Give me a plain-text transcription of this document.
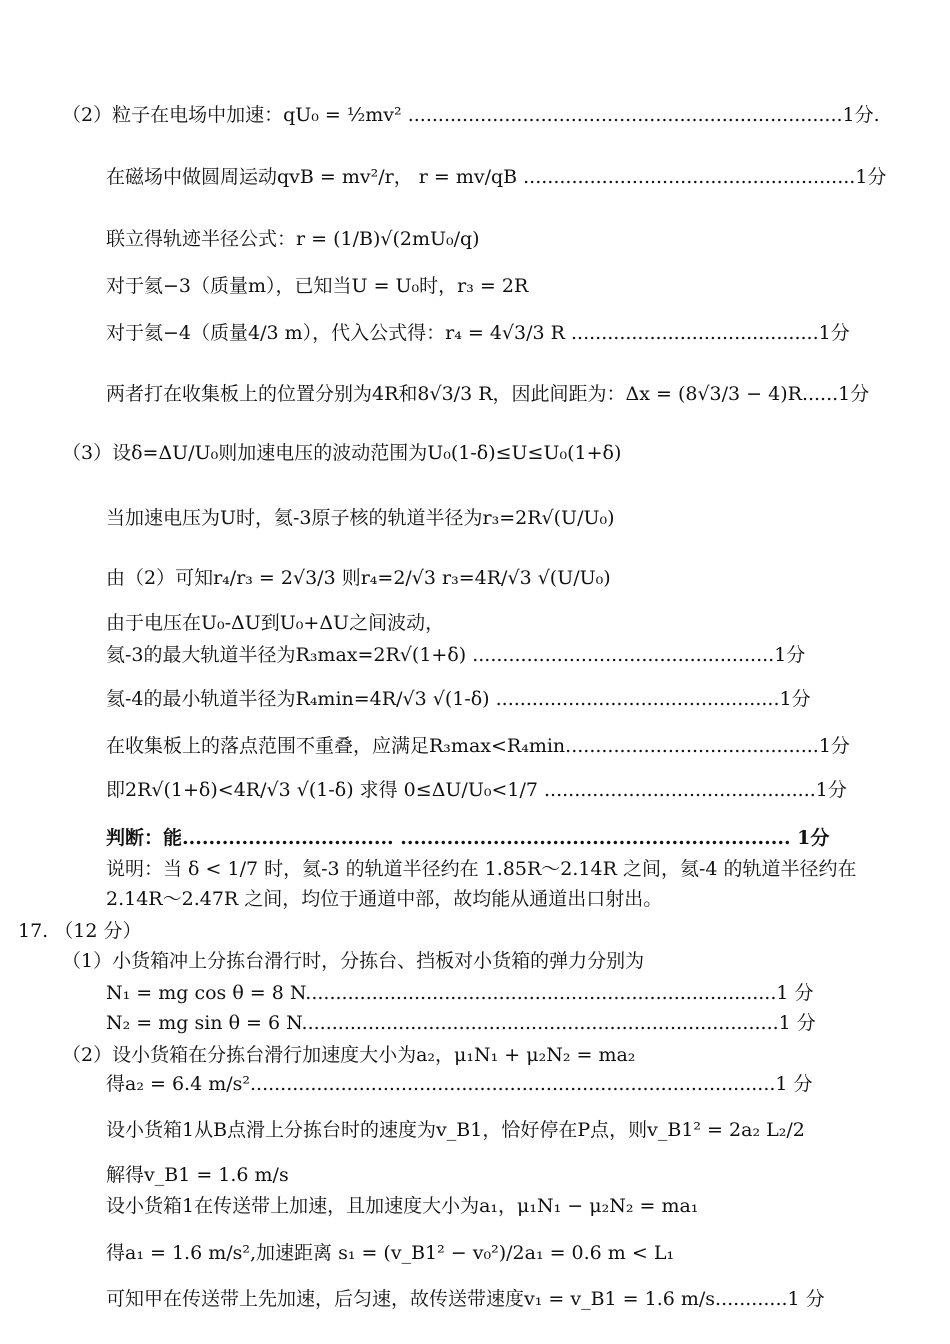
（2）粒子在电场中加速：qU₀ = ½mv² ........................................................................1分.
在磁场中做圆周运动qvB = mv²/r， r = mv/qB .......................................................1分
联立得轨迹半径公式：r = (1/B)√(2mU₀/q)
对于氦−3（质量m），已知当U = U₀时，r₃ = 2R
对于氦−4（质量4/3 m），代入公式得：r₄ = 4√3/3 R .........................................1分
两者打在收集板上的位置分别为4R和8√3/3 R，因此间距为：Δx = (8√3/3 − 4)R......1分
（3）设δ=ΔU/U₀则加速电压的波动范围为U₀(1-δ)≤U≤U₀(1+δ)
当加速电压为U时，氦-3原子核的轨道半径为r₃=2R√(U/U₀)
由（2）可知r₄/r₃ = 2√3/3 则r₄=2/√3 r₃=4R/√3 √(U/U₀)
由于电压在U₀-ΔU到U₀+ΔU之间波动，
氦-3的最大轨道半径为R₃max=2R√(1+δ) ..................................................1分
氦-4的最小轨道半径为R₄min=4R/√3 √(1-δ) ...............................................1分
在收集板上的落点范围不重叠，应满足R₃max<R₄min..........................................1分
即2R√(1+δ)<4R/√3 √(1-δ) 求得 0≤ΔU/U₀<1/7 .............................................1分
判断：能................................ ........................................................... 1分
说明：当 δ < 1/7 时，氦-3 的轨道半径约在 1.85R～2.14R 之间，氦-4 的轨道半径约在
2.14R～2.47R 之间，均位于通道中部，故均能从通道出口射出。
17. （12 分）
（1）小货箱冲上分拣台滑行时，分拣台、挡板对小货箱的弹力分别为
N₁ = mg cos θ = 8 N..............................................................................1 分
N₂ = mg sin θ = 6 N...............................................................................1 分
（2）设小货箱在分拣台滑行加速度大小为a₂，μ₁N₁ + μ₂N₂ = ma₂
得a₂ = 6.4 m/s².......................................................................................1 分
设小货箱1从B点滑上分拣台时的速度为v_B1，恰好停在P点，则v_B1² = 2a₂ L₂/2
解得v_B1 = 1.6 m/s
设小货箱1在传送带上加速，且加速度大小为a₁，μ₁N₁ − μ₂N₂ = ma₁
得a₁ = 1.6 m/s²,加速距离 s₁ = (v_B1² − v₀²)/2a₁ = 0.6 m < L₁
可知甲在传送带上先加速，后匀速，故传送带速度v₁ = v_B1 = 1.6 m/s............1 分
